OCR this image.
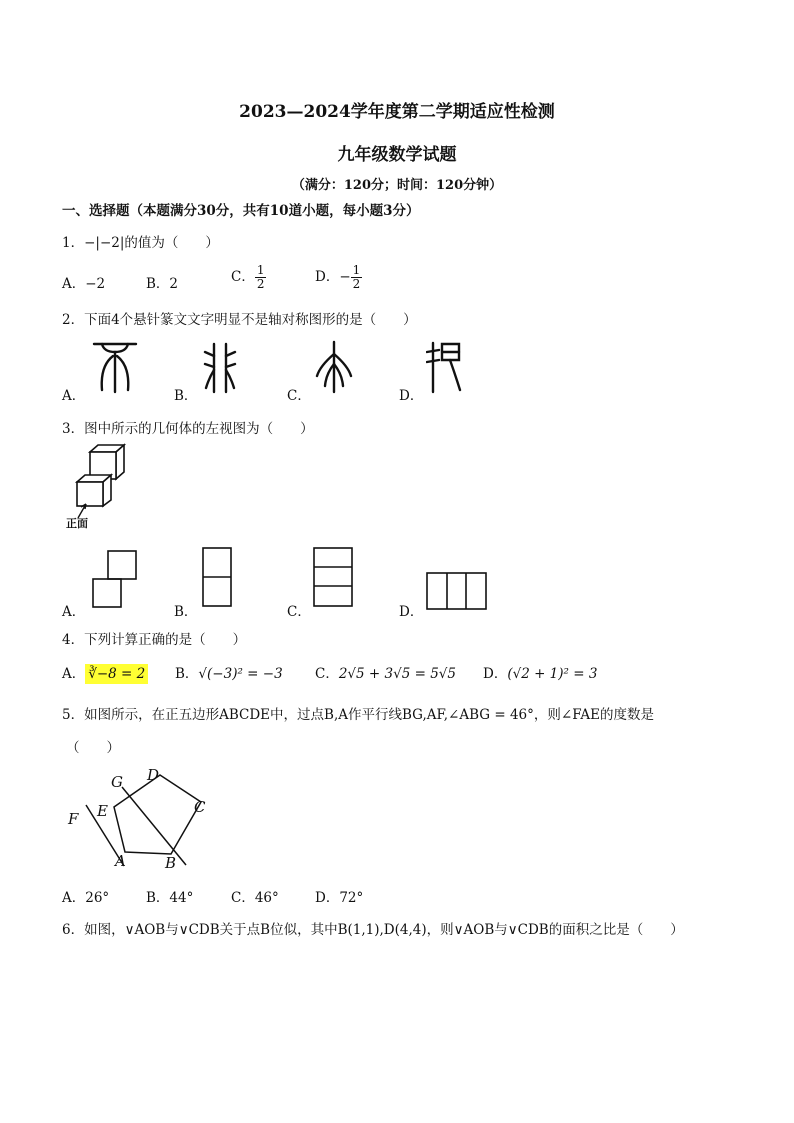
2023—2024学年度第二学期适应性检测
九年级数学试题
（满分：120分；时间：120分钟）
一、选择题（本题满分30分，共有10道小题，每小题3分）
1．−|−2|的值为（　　）
A．−2	B．2	C． $\frac{1}{2}$	D．− $\frac{1}{2}$
2．下面4个悬针篆文文字明显不是轴对称图形的是（　　）
A．	B．	C．	D．
3．图中所示的几何体的左视图为（　　）
正面
A．	B．	C．	D．
4．下列计算正确的是（　　）
A． ∛−8 = 2 B．√(−3)² = −3 C．2√5 + 3√5 = 5√5 D．(√2 + 1)² = 3
5．如图所示，在正五边形ABCDE中，过点B,A作平行线BG,AF,∠ABG = 46°，则∠FAE的度数是
（　　）
A	B
C
D
E
F
G
A．26°	B．44°	C．46°	D．72°
6．如图，∨AOB与∨CDB关于点B位似，其中B(1,1),D(4,4)，则∨AOB与∨CDB的面积之比是（　　）
